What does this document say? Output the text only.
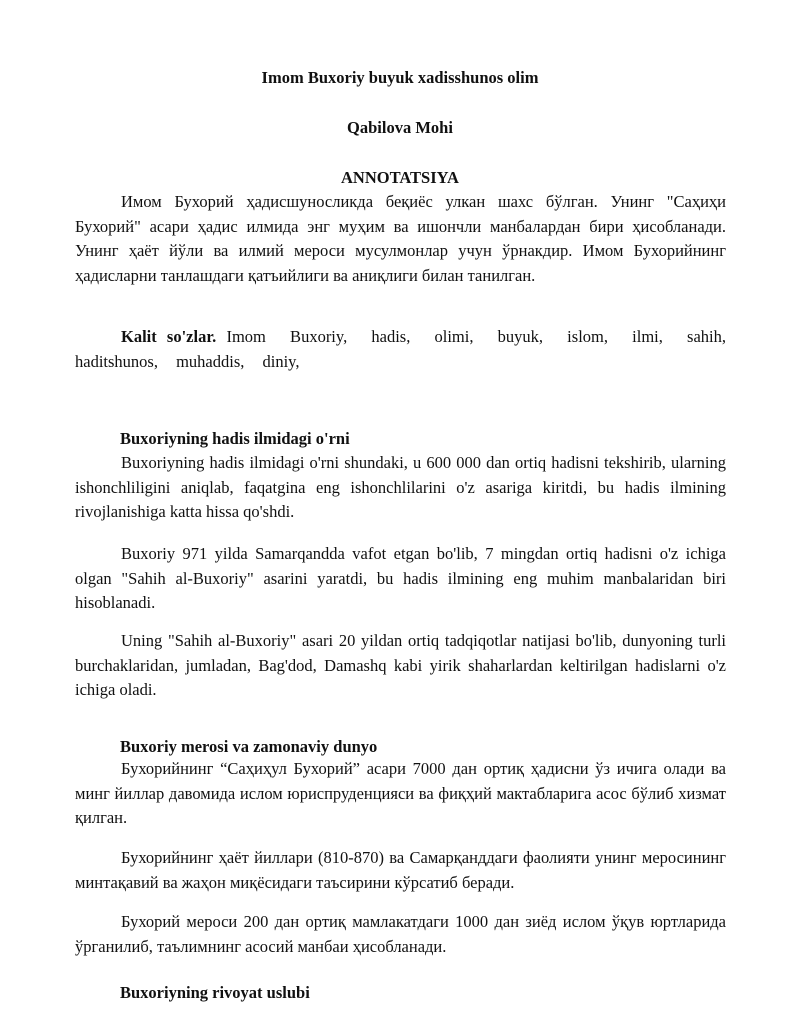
Imom Buxoriy buyuk xadisshunos olim
Qabilova Mohi
ANNOTATSIYA

Имом Бухорий ҳадисшуносликда беқиёс улкан шахс бўлган. Унинг "Саҳиҳи Бухорий" асари ҳадис илмида энг муҳим ва ишончли манбалардан бири ҳисобланади. Унинг ҳаёт йўли ва илмий мероси мусулмонлар учун ўрнакдир. Имом Бухорийнинг ҳадисларни танлашдаги қатъийлиги ва аниқлиги билан танилган.

Kalit so'zlar. Imom Buxoriy, hadis, olimi, buyuk, islom, ilmi, sahih, haditshunos, muhaddis, diniy,

Buxoriyning hadis ilmidagi o'rni

Buxoriyning hadis ilmidagi o'rni shundaki, u 600 000 dan ortiq hadisni tekshirib, ularning ishonchliligini aniqlab, faqatgina eng ishonchlilarini o'z asariga kiritdi, bu hadis ilmining rivojlanishiga katta hissa qo'shdi.

Buxoriy 971 yilda Samarqandda vafot etgan bo'lib, 7 mingdan ortiq hadisni o'z ichiga olgan "Sahih al-Buxoriy" asarini yaratdi, bu hadis ilmining eng muhim manbalaridan biri hisoblanadi.

Uning "Sahih al-Buxoriy" asari 20 yildan ortiq tadqiqotlar natijasi bo'lib, dunyoning turli burchaklaridan, jumladan, Bag'dod, Damashq kabi yirik shaharlardan keltirilgan hadislarni o'z ichiga oladi.

Buxoriy merosi va zamonaviy dunyo

Бухорийнинг “Саҳиҳул Бухорий” асари 7000 дан ортиқ ҳадисни ўз ичига олади ва минг йиллар давомида ислом юриспруденцияси ва фиқҳий мактабларига асос бўлиб хизмат қилган.

Бухорийнинг ҳаёт йиллари (810-870) ва Самарқанддаги фаолияти унинг меросининг минтақавий ва жаҳон миқёсидаги таъсирини кўрсатиб беради.

Бухорий мероси 200 дан ортиқ мамлакатдаги 1000 дан зиёд ислом ўқув юртларида ўрганилиб, таълимнинг асосий манбаи ҳисобланади.

Buxoriyning rivoyat uslubi
